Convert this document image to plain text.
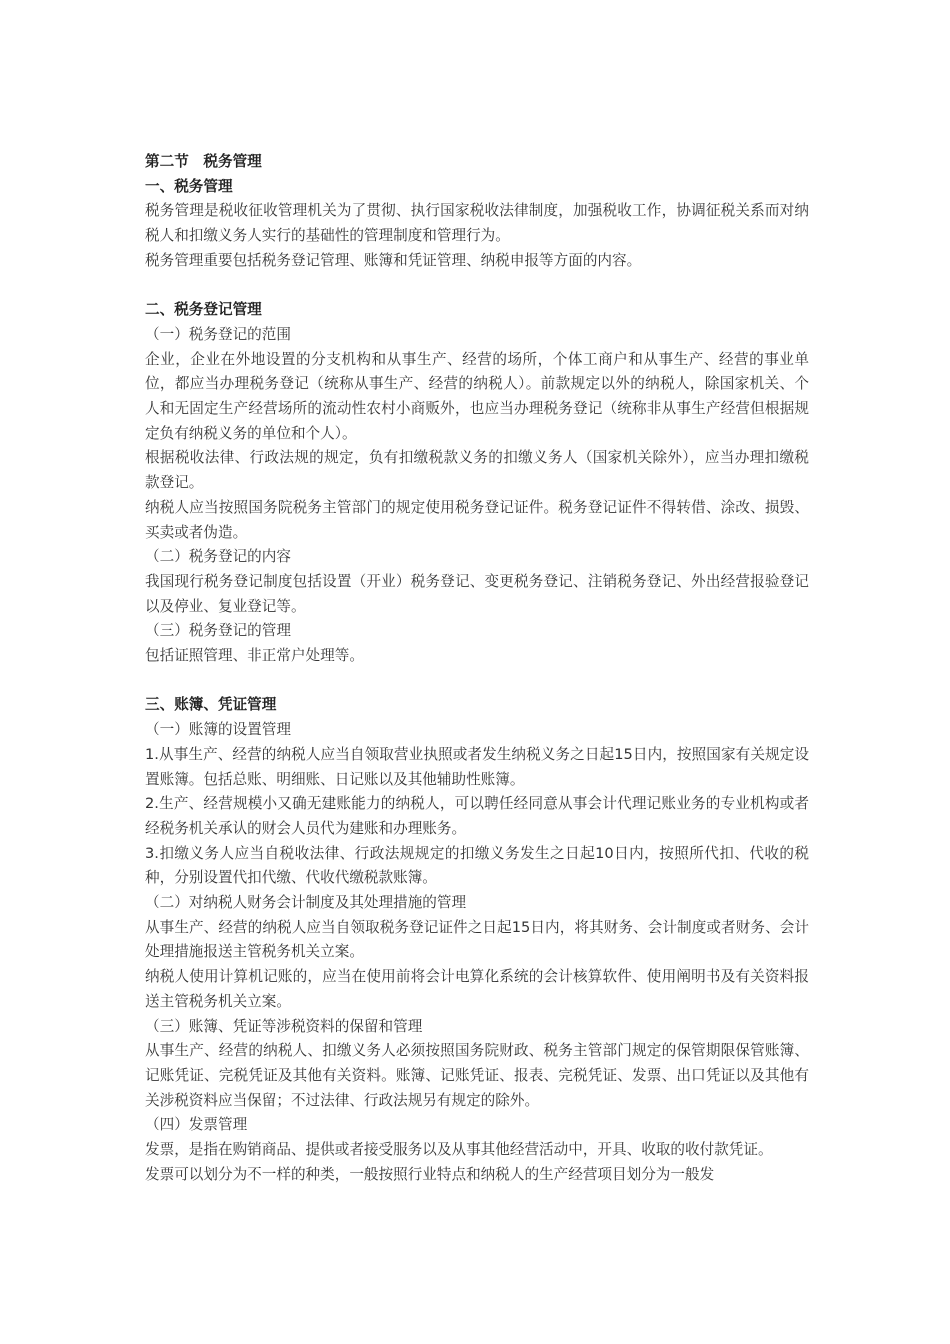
第二节　税务管理

一、税务管理

税务管理是税收征收管理机关为了贯彻、执行国家税收法律制度，加强税收工作，协调征税关系而对纳税人和扣缴义务人实行的基础性的管理制度和管理行为。

税务管理重要包括税务登记管理、账簿和凭证管理、纳税申报等方面的内容。

二、税务登记管理

（一）税务登记的范围

企业，企业在外地设置的分支机构和从事生产、经营的场所，个体工商户和从事生产、经营的事业单位，都应当办理税务登记（统称从事生产、经营的纳税人）。前款规定以外的纳税人，除国家机关、个人和无固定生产经营场所的流动性农村小商贩外，也应当办理税务登记（统称非从事生产经营但根据规定负有纳税义务的单位和个人）。

根据税收法律、行政法规的规定，负有扣缴税款义务的扣缴义务人（国家机关除外），应当办理扣缴税款登记。

纳税人应当按照国务院税务主管部门的规定使用税务登记证件。税务登记证件不得转借、涂改、损毁、买卖或者伪造。

（二）税务登记的内容

我国现行税务登记制度包括设置（开业）税务登记、变更税务登记、注销税务登记、外出经营报验登记以及停业、复业登记等。

（三）税务登记的管理

包括证照管理、非正常户处理等。

三、账簿、凭证管理

（一）账簿的设置管理

1.从事生产、经营的纳税人应当自领取营业执照或者发生纳税义务之日起15日内，按照国家有关规定设置账簿。包括总账、明细账、日记账以及其他辅助性账簿。

2.生产、经营规模小又确无建账能力的纳税人，可以聘任经同意从事会计代理记账业务的专业机构或者经税务机关承认的财会人员代为建账和办理账务。

3.扣缴义务人应当自税收法律、行政法规规定的扣缴义务发生之日起10日内，按照所代扣、代收的税种，分别设置代扣代缴、代收代缴税款账簿。

（二）对纳税人财务会计制度及其处理措施的管理

从事生产、经营的纳税人应当自领取税务登记证件之日起15日内，将其财务、会计制度或者财务、会计处理措施报送主管税务机关立案。

纳税人使用计算机记账的，应当在使用前将会计电算化系统的会计核算软件、使用阐明书及有关资料报送主管税务机关立案。

（三）账簿、凭证等涉税资料的保留和管理

从事生产、经营的纳税人、扣缴义务人必须按照国务院财政、税务主管部门规定的保管期限保管账簿、记账凭证、完税凭证及其他有关资料。账簿、记账凭证、报表、完税凭证、发票、出口凭证以及其他有关涉税资料应当保留；不过法律、行政法规另有规定的除外。

（四）发票管理

发票，是指在购销商品、提供或者接受服务以及从事其他经营活动中，开具、收取的收付款凭证。

发票可以划分为不一样的种类，一般按照行业特点和纳税人的生产经营项目划分为一般发
